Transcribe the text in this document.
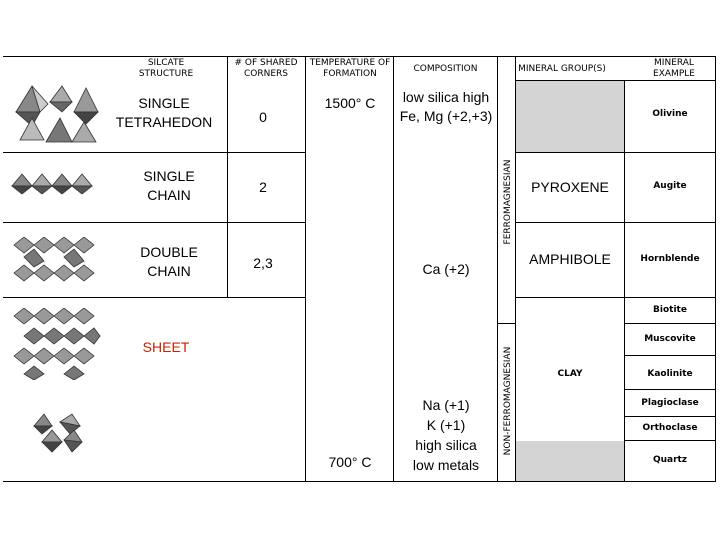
SILCATE STRUCTURE
# OF SHARED CORNERS
TEMPERATURE OF FORMATION	COMPOSITION	MINERAL GROUP(S)
MINERAL EXAMPLE
SINGLE TETRAHEDON
SINGLE CHAIN
DOUBLE CHAIN
SHEET
0
2
2,3
1500° C
700° C
low silica high Fe, Mg (+2,+3)
Ca (+2)
Na (+1)
K (+1)
high silica
low metals
FERROMAGNESIAN
NON-FERROMAGNESIAN
PYROXENE
AMPHIBOLE
CLAY
Olivine
Augite
Hornblende
Biotite
Muscovite
Kaolinite
Plagioclase
Orthoclase
Quartz
